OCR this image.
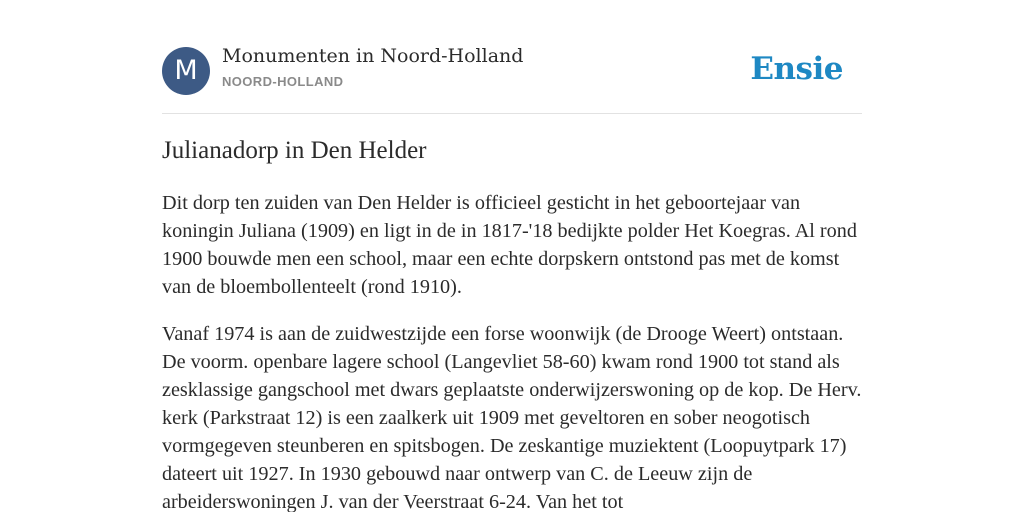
M	Monumenten in Noord-Holland
NOORD-HOLLAND	Ensie
Julianadorp in Den Helder

Dit dorp ten zuiden van Den Helder is officieel gesticht in het geboortejaar van koningin Juliana (1909) en ligt in de in 1817-'18 bedijkte polder Het Koegras. Al rond 1900 bouwde men een school, maar een echte dorpskern ontstond pas met de komst van de bloembollenteelt (rond 1910).

Vanaf 1974 is aan de zuidwestzijde een forse woonwijk (de Drooge Weert) ontstaan. De voorm. openbare lagere school (Langevliet 58-60) kwam rond 1900 tot stand als zesklassige gangschool met dwars geplaatste onderwijzerswoning op de kop. De Herv. kerk (Parkstraat 12) is een zaalkerk uit 1909 met geveltoren en sober neogotisch vormgegeven steunberen en spitsbogen. De zeskantige muziektent (Loopuytpark 17) dateert uit 1927. In 1930 gebouwd naar ontwerp van C. de Leeuw zijn de arbeiderswoningen J. van der Veerstraat 6-24. Van het tot
